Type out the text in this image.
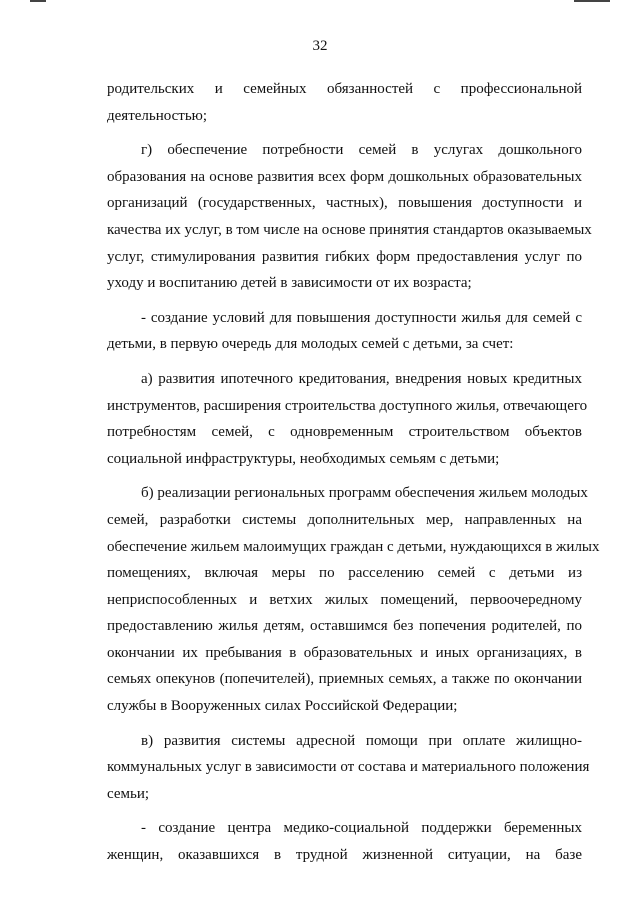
32
родительских и семейных обязанностей с профессиональной
деятельностью;
г) обеспечение потребности семей в услугах дошкольного
образования на основе развития всех форм дошкольных образовательных
организаций (государственных, частных), повышения доступности и
качества их услуг, в том числе на основе принятия стандартов оказываемых
услуг, стимулирования развития гибких форм предоставления услуг по
уходу и воспитанию детей в зависимости от их возраста;
- создание условий для повышения доступности жилья для семей с
детьми, в первую очередь для молодых семей с детьми, за счет:
а) развития ипотечного кредитования, внедрения новых кредитных
инструментов, расширения строительства доступного жилья, отвечающего
потребностям семей, с одновременным строительством объектов
социальной инфраструктуры, необходимых семьям с детьми;
б) реализации региональных программ обеспечения жильем молодых
семей, разработки системы дополнительных мер, направленных на
обеспечение жильем малоимущих граждан с детьми, нуждающихся в жилых
помещениях, включая меры по расселению семей с детьми из
неприспособленных и ветхих жилых помещений, первоочередному
предоставлению жилья детям, оставшимся без попечения родителей, по
окончании их пребывания в образовательных и иных организациях, в
семьях опекунов (попечителей), приемных семьях, а также по окончании
службы в Вооруженных силах Российской Федерации;
в) развития системы адресной помощи при оплате жилищно-
коммунальных услуг в зависимости от состава и материального положения
семьи;
- создание центра медико-социальной поддержки беременных
женщин, оказавшихся в трудной жизненной ситуации, на базе
